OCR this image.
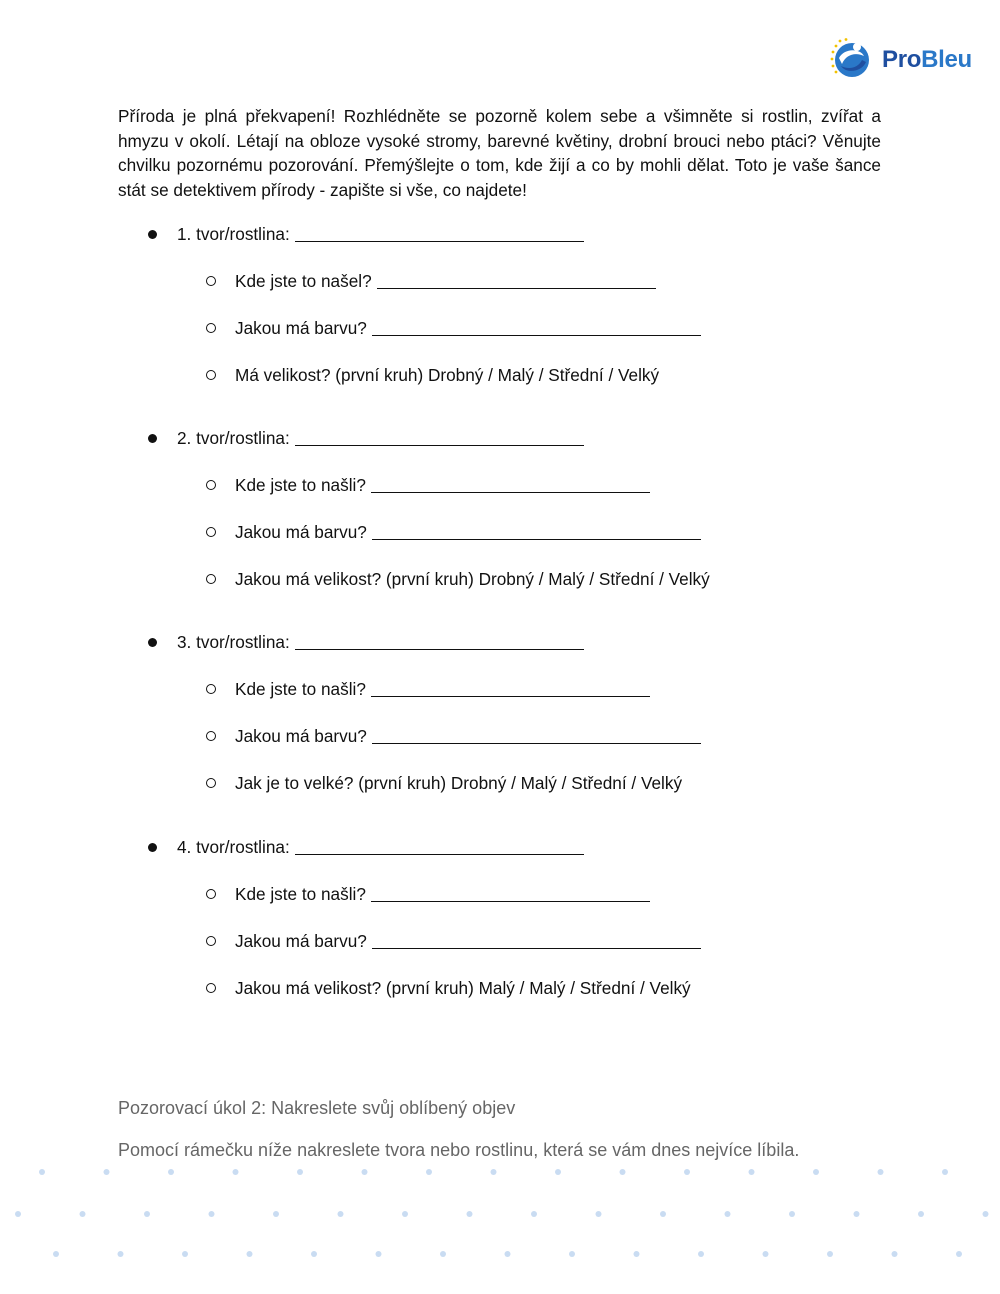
ProBleu

Příroda je plná překvapení! Rozhlédněte se pozorně kolem sebe a všimněte si rostlin, zvířat a hmyzu v okolí. Létají na obloze vysoké stromy, barevné květiny, drobní brouci nebo ptáci? Věnujte chvilku pozornému pozorování. Přemýšlejte o tom, kde žijí a co by mohli dělat. Toto je vaše šance stát se detektivem přírody - zapište si vše, co najdete!

1. tvor/rostlina:
Kde jste to našel?
Jakou má barvu?
Má velikost? (první kruh) Drobný / Malý / Střední / Velký
2. tvor/rostlina:
Kde jste to našli?
Jakou má barvu?
Jakou má velikost? (první kruh) Drobný / Malý / Střední / Velký
3. tvor/rostlina:
Kde jste to našli?
Jakou má barvu?
Jak je to velké? (první kruh) Drobný / Malý / Střední / Velký
4. tvor/rostlina:
Kde jste to našli?
Jakou má barvu?
Jakou má velikost? (první kruh) Malý / Malý / Střední / Velký

Pozorovací úkol 2: Nakreslete svůj oblíbený objev

Pomocí rámečku níže nakreslete tvora nebo rostlinu, která se vám dnes nejvíce líbila.
